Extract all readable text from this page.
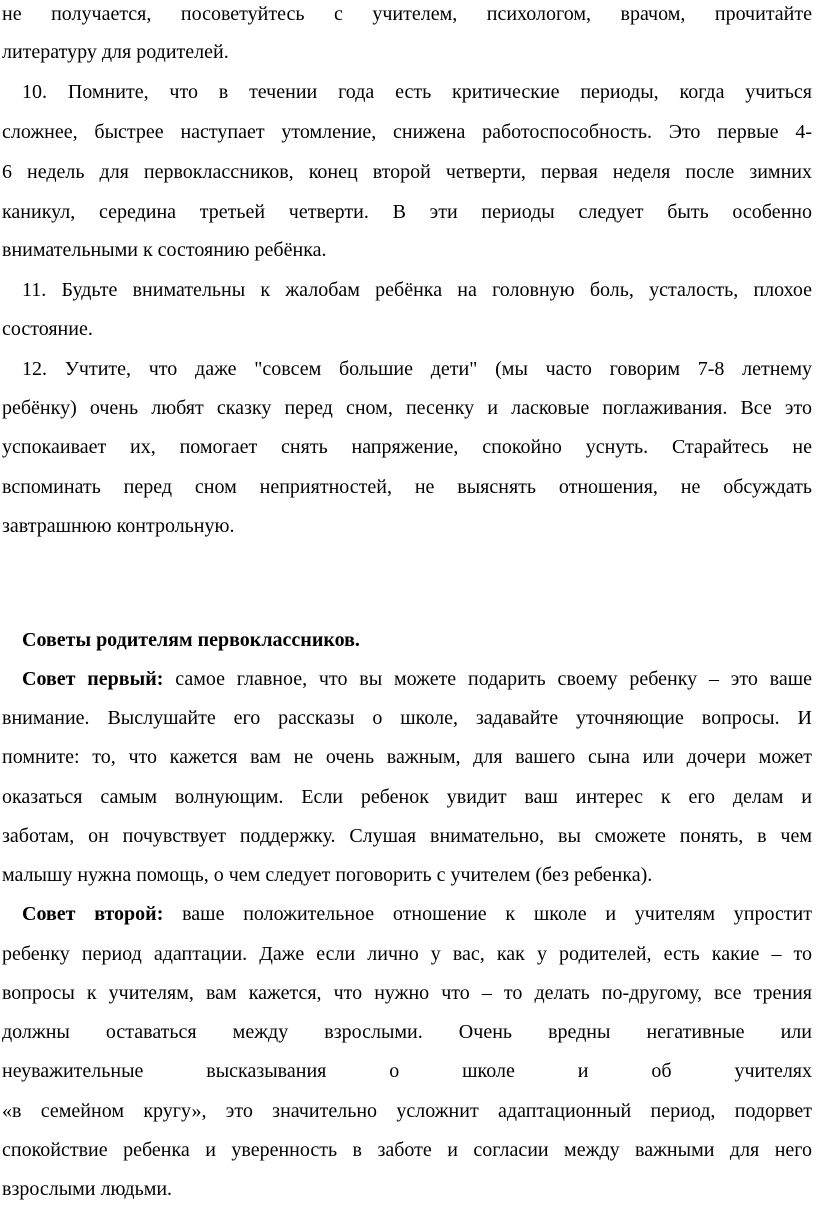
не получается, посоветуйтесь с учителем, психологом, врачом, прочитайте
литературу для родителей.
10. Помните, что в течении года есть критические периоды, когда учиться
сложнее, быстрее наступает утомление, снижена работоспособность. Это первые 4-
6 недель для первоклассников, конец второй четверти, первая неделя после зимних
каникул, середина третьей четверти. В эти периоды следует быть особенно
внимательными к состоянию ребёнка.
11. Будьте внимательны к жалобам ребёнка на головную боль, усталость, плохое
состояние.
12. Учтите, что даже "совсем большие дети" (мы часто говорим 7-8 летнему
ребёнку) очень любят сказку перед сном, песенку и ласковые поглаживания. Все это
успокаивает их, помогает снять напряжение, спокойно уснуть. Старайтесь не
вспоминать перед сном неприятностей, не выяснять отношения, не обсуждать
завтрашнюю контрольную.
Советы родителям первоклассников.
Совет первый: самое главное, что вы можете подарить своему ребенку – это ваше
внимание. Выслушайте его рассказы о школе, задавайте уточняющие вопросы. И
помните: то, что кажется вам не очень важным, для вашего сына или дочери может
оказаться самым волнующим. Если ребенок увидит ваш интерес к его делам и
заботам, он почувствует поддержку. Слушая внимательно, вы сможете понять, в чем
малышу нужна помощь, о чем следует поговорить с учителем (без ребенка).
Совет второй: ваше положительное отношение к школе и учителям упростит
ребенку период адаптации. Даже если лично у вас, как у родителей, есть какие – то
вопросы к учителям, вам кажется, что нужно что – то делать по-другому, все трения
должны оставаться между взрослыми. Очень вредны негативные или
неуважительные высказывания о школе и об учителях
«в семейном кругу», это значительно усложнит адаптационный период, подорвет
спокойствие ребенка и уверенность в заботе и согласии между важными для него
взрослыми людьми.
